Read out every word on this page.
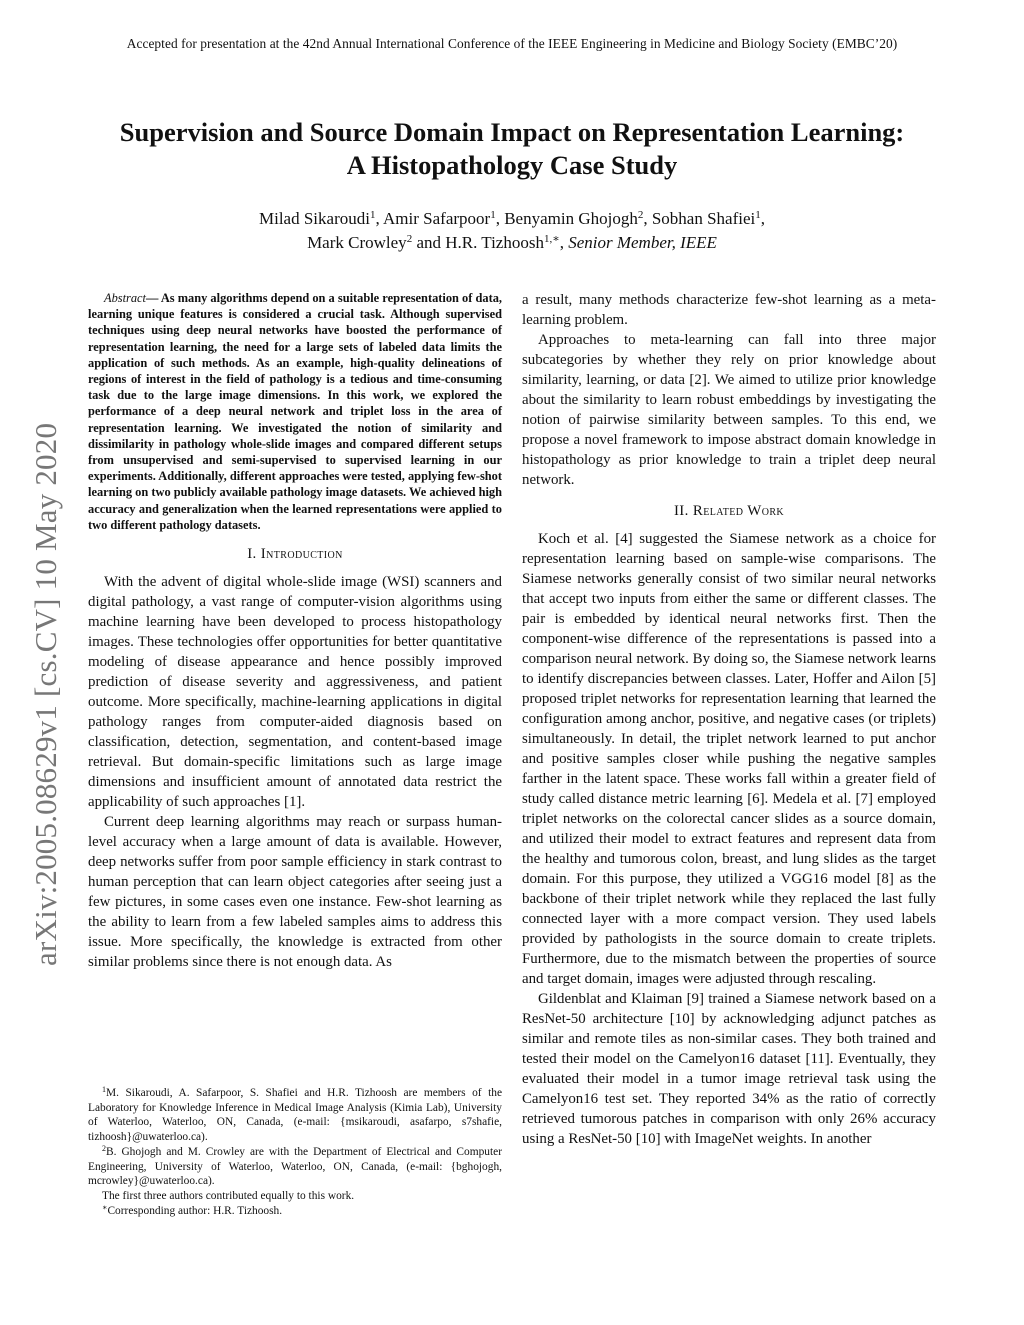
Accepted for presentation at the 42nd Annual International Conference of the IEEE Engineering in Medicine and Biology Society (EMBC’20)
Supervision and Source Domain Impact on Representation Learning:
A Histopathology Case Study
Milad Sikaroudi$^1$, Amir Safarpoor$^1$, Benyamin Ghojogh$^2$, Sobhan Shafiei$^1$,
Mark Crowley$^2$ and H.R. Tizhoosh$^{1,∗}$, Senior Member, IEEE
arXiv:2005.08629v1 [cs.CV] 10 May 2020

Abstract— As many algorithms depend on a suitable representation of data, learning unique features is considered a crucial task. Although supervised techniques using deep neural networks have boosted the performance of representation learning, the need for a large sets of labeled data limits the application of such methods. As an example, high-quality delineations of regions of interest in the field of pathology is a tedious and time-consuming task due to the large image dimensions. In this work, we explored the performance of a deep neural network and triplet loss in the area of representation learning. We investigated the notion of similarity and dissimilarity in pathology whole-slide images and compared different setups from unsupervised and semi-supervised to supervised learning in our experiments. Additionally, different approaches were tested, applying few-shot learning on two publicly available pathology image datasets. We achieved high accuracy and generalization when the learned representations were applied to two different pathology datasets.

I. Introduction

With the advent of digital whole-slide image (WSI) scanners and digital pathology, a vast range of computer-vision algorithms using machine learning have been developed to process histopathology images. These technologies offer opportunities for better quantitative modeling of disease appearance and hence possibly improved prediction of disease severity and aggressiveness, and patient outcome. More specifically, machine-learning applications in digital pathology ranges from computer-aided diagnosis based on classification, detection, segmentation, and content-based image retrieval. But domain-specific limitations such as large image dimensions and insufficient amount of annotated data restrict the applicability of such approaches [1].

Current deep learning algorithms may reach or surpass human-level accuracy when a large amount of data is available. However, deep networks suffer from poor sample efficiency in stark contrast to human perception that can learn object categories after seeing just a few pictures, in some cases even one instance. Few-shot learning as the ability to learn from a few labeled samples aims to address this issue. More specifically, the knowledge is extracted from other similar problems since there is not enough data. As

$^1$M. Sikaroudi, A. Safarpoor, S. Shafiei and H.R. Tizhoosh are members of the Laboratory for Knowledge Inference in Medical Image Analysis (Kimia Lab), University of Waterloo, Waterloo, ON, Canada, (e-mail: {msikaroudi, asafarpo, s7shafie, tizhoosh}@uwaterloo.ca).

$^2$B. Ghojogh and M. Crowley are with the Department of Electrical and Computer Engineering, University of Waterloo, Waterloo, ON, Canada, (e-mail: {bghojogh, mcrowley}@uwaterloo.ca).

The first three authors contributed equally to this work.

∗Corresponding author: H.R. Tizhoosh.

a result, many methods characterize few-shot learning as a meta-learning problem.

Approaches to meta-learning can fall into three major subcategories by whether they rely on prior knowledge about similarity, learning, or data [2]. We aimed to utilize prior knowledge about the similarity to learn robust embeddings by investigating the notion of pairwise similarity between samples. To this end, we propose a novel framework to impose abstract domain knowledge in histopathology as prior knowledge to train a triplet deep neural network.

II. Related Work

Koch et al. [4] suggested the Siamese network as a choice for representation learning based on sample-wise comparisons. The Siamese networks generally consist of two similar neural networks that accept two inputs from either the same or different classes. The pair is embedded by identical neural networks first. Then the component-wise difference of the representations is passed into a comparison neural network. By doing so, the Siamese network learns to identify discrepancies between classes. Later, Hoffer and Ailon [5] proposed triplet networks for representation learning that learned the configuration among anchor, positive, and negative cases (or triplets) simultaneously. In detail, the triplet network learned to put anchor and positive samples closer while pushing the negative samples farther in the latent space. These works fall within a greater field of study called distance metric learning [6]. Medela et al. [7] employed triplet networks on the colorectal cancer slides as a source domain, and utilized their model to extract features and represent data from the healthy and tumorous colon, breast, and lung slides as the target domain. For this purpose, they utilized a VGG16 model [8] as the backbone of their triplet network while they replaced the last fully connected layer with a more compact version. They used labels provided by pathologists in the source domain to create triplets. Furthermore, due to the mismatch between the properties of source and target domain, images were adjusted through rescaling.

Gildenblat and Klaiman [9] trained a Siamese network based on a ResNet-50 architecture [10] by acknowledging adjunct patches as similar and remote tiles as non-similar cases. They both trained and tested their model on the Camelyon16 dataset [11]. Eventually, they evaluated their model in a tumor image retrieval task using the Camelyon16 test set. They reported 34% as the ratio of correctly retrieved tumorous patches in comparison with only 26% accuracy using a ResNet-50 [10] with ImageNet weights. In another
